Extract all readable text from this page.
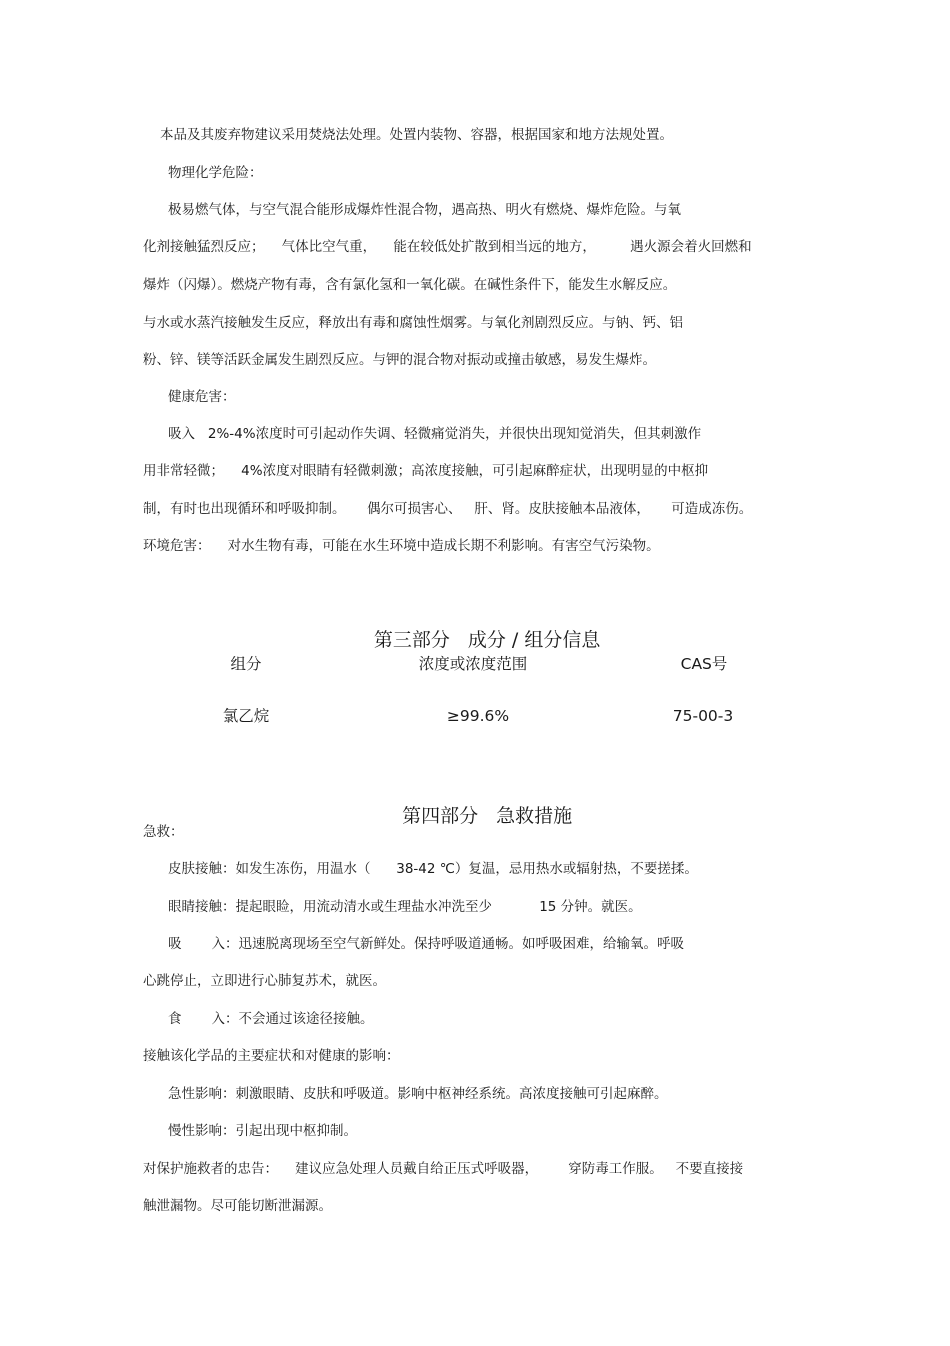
本品及其废弃物建议采用焚烧法处理。处置内装物、容器，根据国家和地方法规处置。
物理化学危险：
极易燃气体，与空气混合能形成爆炸性混合物，遇高热、明火有燃烧、爆炸危险。与氧
化剂接触猛烈反应；    气体比空气重，    能在较低处扩散到相当远的地方，        遇火源会着火回燃和
爆炸（闪爆）。燃烧产物有毒，含有氯化氢和一氧化碳。在碱性条件下，能发生水解反应。
与水或水蒸汽接触发生反应，释放出有毒和腐蚀性烟雾。与氧化剂剧烈反应。与钠、钙、铝
粉、锌、镁等活跃金属发生剧烈反应。与钾的混合物对振动或撞击敏感，易发生爆炸。
健康危害：
吸入   2%-4%浓度时可引起动作失调、轻微痛觉消失，并很快出现知觉消失，但其刺激作
用非常轻微；    4%浓度对眼睛有轻微刺激；高浓度接触，可引起麻醉症状，出现明显的中枢抑
制，有时也出现循环和呼吸抑制。     偶尔可损害心、   肝、肾。皮肤接触本品液体，     可造成冻伤。
环境危害：    对水生物有毒，可能在水生环境中造成长期不利影响。有害空气污染物。

第三部分 成分 / 组分信息

组分	浓度或浓度范围	CAS号
氯乙烷	≥99.6%	75-00-3

第四部分 急救措施

急救：
皮肤接触：如发生冻伤，用温水（      38-42 ℃）复温，忌用热水或辐射热，不要搓揉。
眼睛接触：提起眼睑，用流动清水或生理盐水冲洗至少           15 分钟。就医。
吸       入：迅速脱离现场至空气新鲜处。保持呼吸道通畅。如呼吸困难，给输氧。呼吸
心跳停止，立即进行心肺复苏术，就医。
食       入：不会通过该途径接触。
接触该化学品的主要症状和对健康的影响：
急性影响：刺激眼睛、皮肤和呼吸道。影响中枢神经系统。高浓度接触可引起麻醉。
慢性影响：引起出现中枢抑制。
对保护施救者的忠告：    建议应急处理人员戴自给正压式呼吸器，       穿防毒工作服。   不要直接接
触泄漏物。尽可能切断泄漏源。
